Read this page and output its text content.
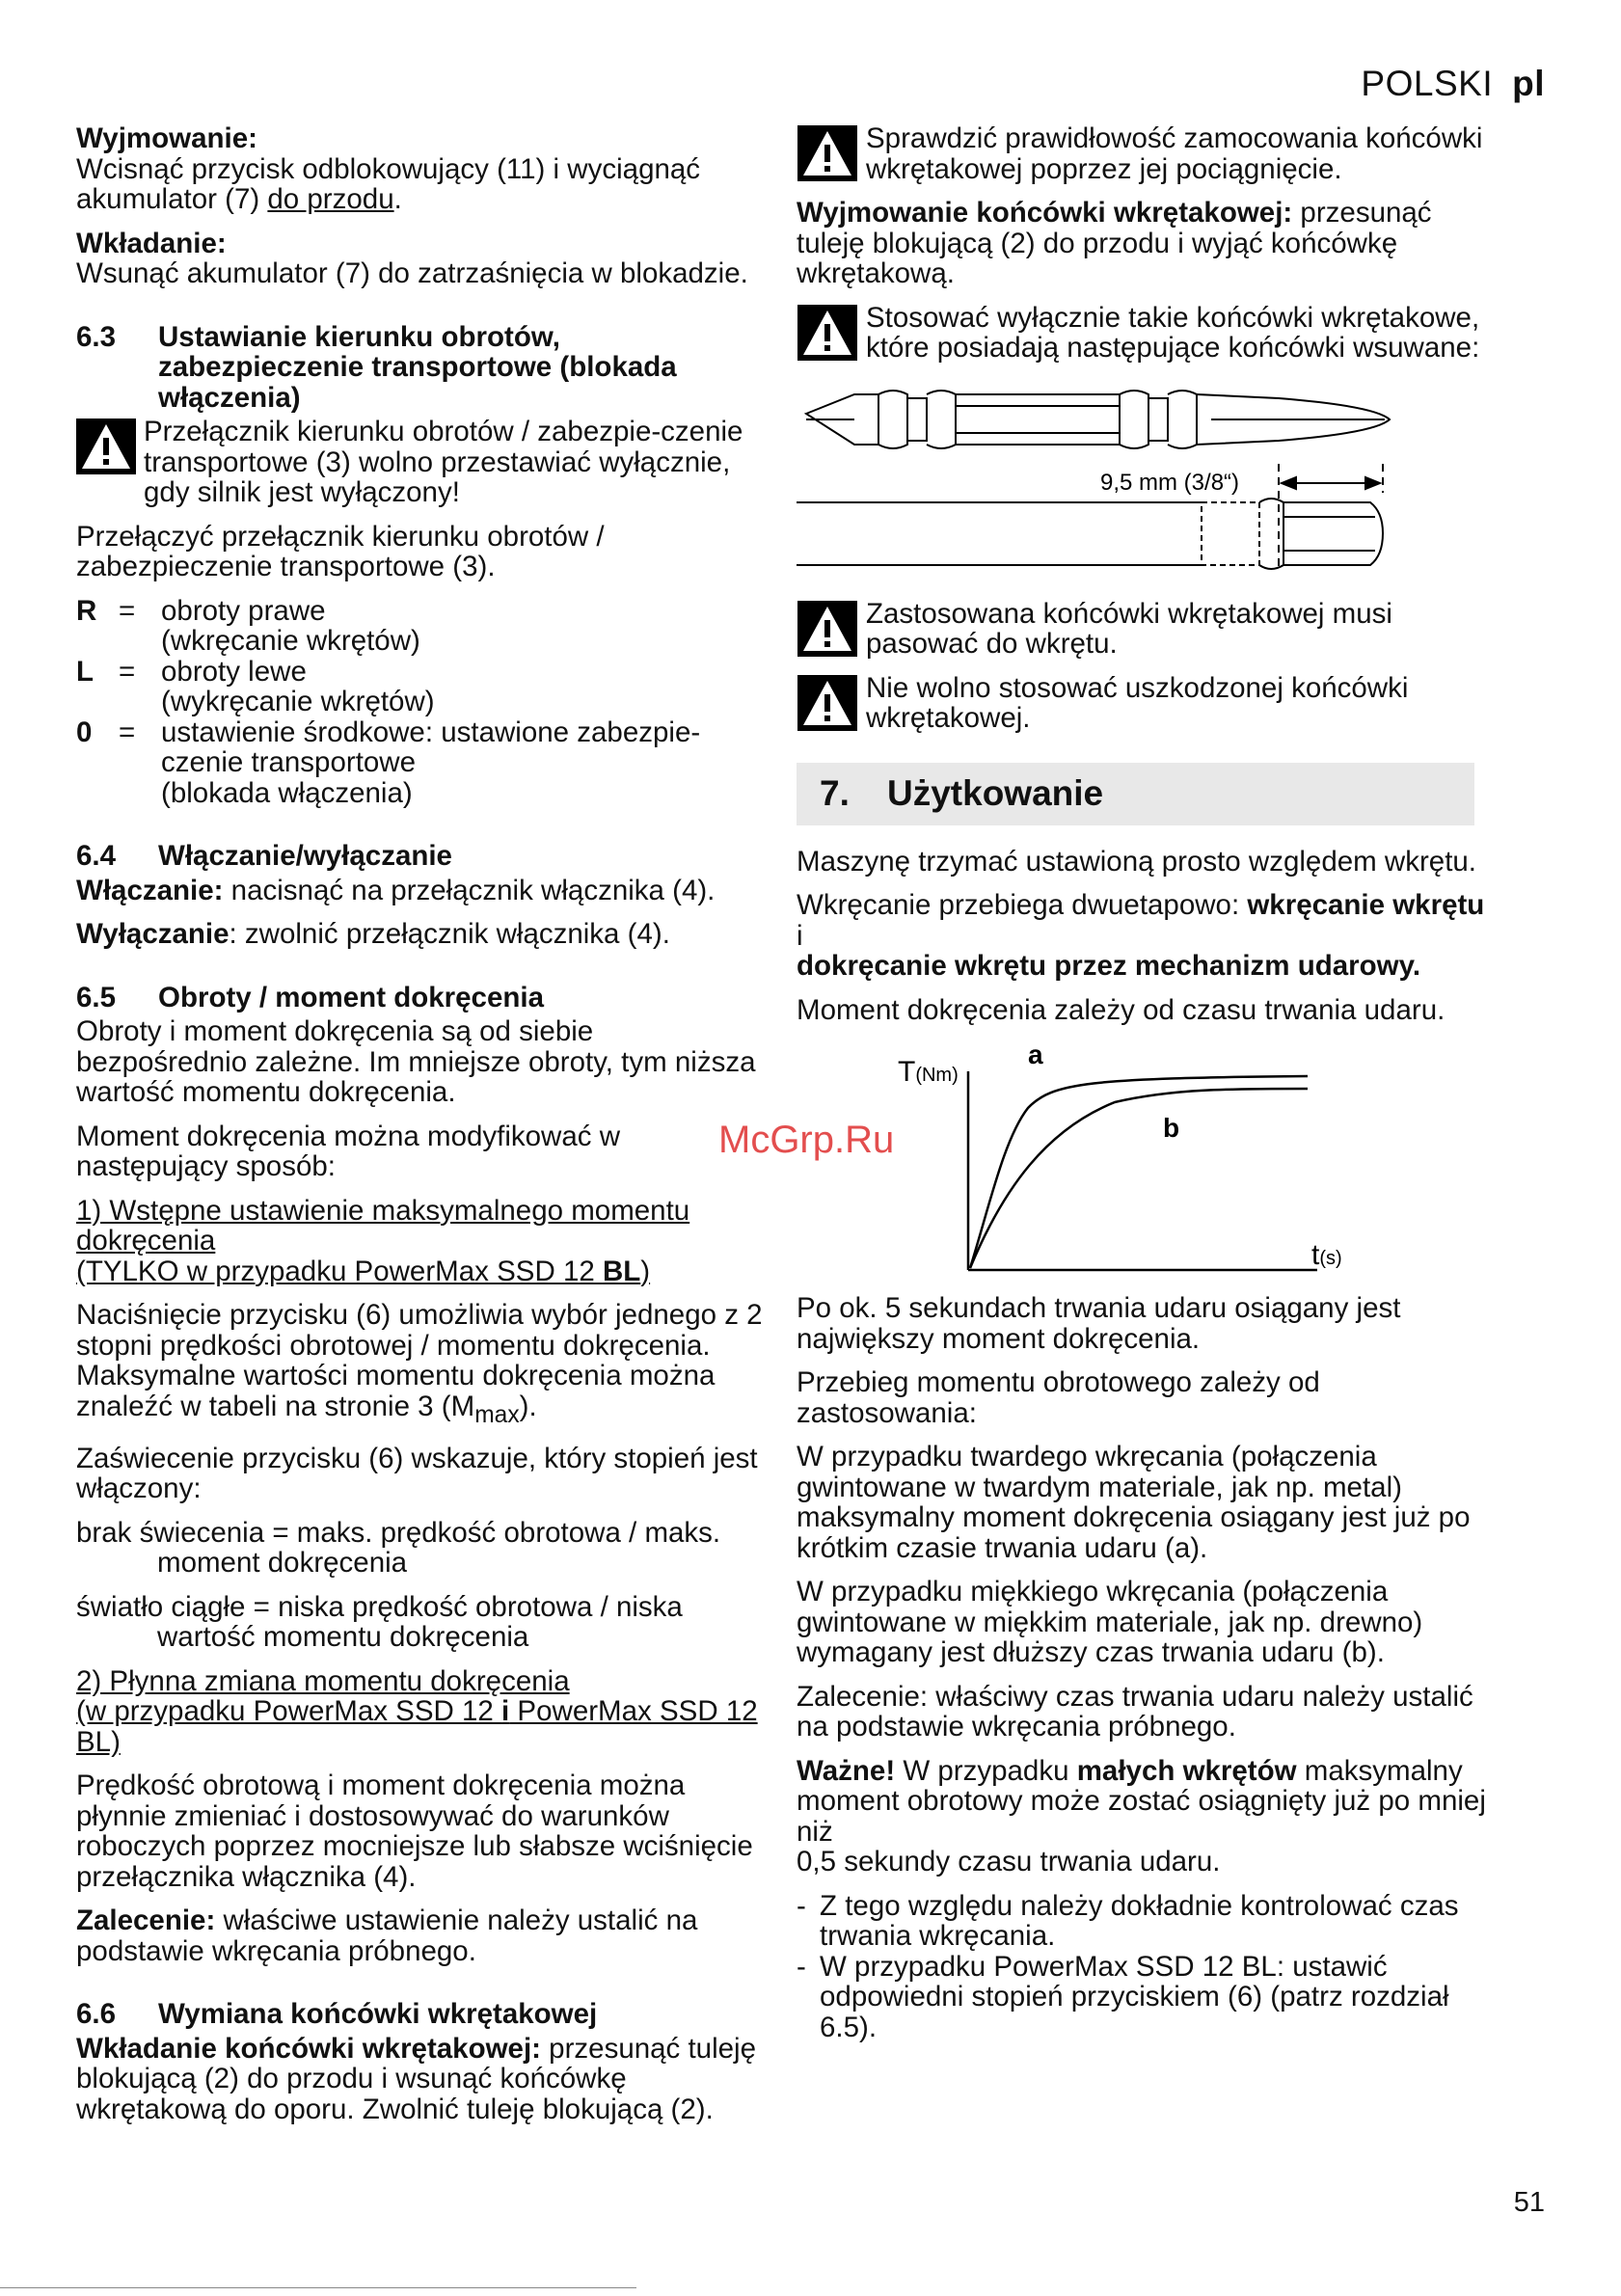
POLSKI pl
McGrp.Ru

Wyjmowanie:

Wcisnąć przycisk odblokowujący (11) i wyciągnąć akumulator (7) do przodu.

Wkładanie:

Wsunąć akumulator (7) do zatrzaśnięcia w blokadzie.

6.3	Ustawianie kierunku obrotów, zabezpieczenie transportowe (blokada włączenia)
Przełącznik kierunku obrotów / zabezpie-czenie transportowe (3) wolno przestawiać wyłącznie, gdy silnik jest wyłączony!

Przełączyć przełącznik kierunku obrotów / zabezpieczenie transportowe (3).

R = obroty prawe
(wkręcanie wkrętów)
L = obroty lewe
(wykręcanie wkrętów)
0 = ustawienie środkowe: ustawione zabezpie-czenie transportowe
(blokada włączenia)
6.4	Włączanie/wyłączanie

Włączanie: nacisnąć na przełącznik włącznika (4).

Wyłączanie: zwolnić przełącznik włącznika (4).

6.5	Obroty / moment dokręcenia

Obroty i moment dokręcenia są od siebie bezpośrednio zależne. Im mniejsze obroty, tym niższa wartość momentu dokręcenia.

Moment dokręcenia można modyfikować w następujący sposób:

1) Wstępne ustawienie maksymalnego momentu dokręcenia
(TYLKO w przypadku PowerMax SSD 12 BL)

Naciśnięcie przycisku (6) umożliwia wybór jednego z 2 stopni prędkości obrotowej / momentu dokręcenia. Maksymalne wartości momentu dokręcenia można znaleźć w tabeli na stronie 3 $(M_{max})$.

Zaświecenie przycisku (6) wskazuje, który stopień jest włączony:

brak świecenia = maks. prędkość obrotowa / maks. moment dokręcenia

światło ciągłe = niska prędkość obrotowa / niska wartość momentu dokręcenia

2) Płynna zmiana momentu dokręcenia
(w przypadku PowerMax SSD 12 i PowerMax SSD 12 BL)

Prędkość obrotową i moment dokręcenia można płynnie zmieniać i dostosowywać do warunków roboczych poprzez mocniejsze lub słabsze wciśnięcie przełącznika włącznika (4).

Zalecenie: właściwe ustawienie należy ustalić na podstawie wkręcania próbnego.

6.6	Wymiana końcówki wkrętakowej

Wkładanie końcówki wkrętakowej: przesunąć tuleję blokującą (2) do przodu i wsunąć końcówkę wkrętakową do oporu. Zwolnić tuleję blokującą (2).

Sprawdzić prawidłowość zamocowania końcówki wkrętakowej poprzez jej pociągnięcie.

Wyjmowanie końcówki wkrętakowej: przesunąć tuleję blokującą (2) do przodu i wyjąć końcówkę wkrętakową.

Stosować wyłącznie takie końcówki wkrętakowe, które posiadają następujące końcówki wsuwane:
9,5 mm (3/8“)
Zastosowana końcówki wkrętakowej musi pasować do wkrętu.
Nie wolno stosować uszkodzonej końcówki wkrętakowej.
7.	Użytkowanie

Maszynę trzymać ustawioną prosto względem wkrętu.

Wkręcanie przebiega dwuetapowo: wkręcanie wkrętu i

dokręcanie wkrętu przez mechanizm udarowy.

Moment dokręcenia zależy od czasu trwania udaru.

T(Nm)
a
b
t(s)

Po ok. 5 sekundach trwania udaru osiągany jest największy moment dokręcenia.

Przebieg momentu obrotowego zależy od zastosowania:

W przypadku twardego wkręcania (połączenia gwintowane w twardym materiale, jak np. metal) maksymalny moment dokręcenia osiągany jest już po krótkim czasie trwania udaru (a).

W przypadku miękkiego wkręcania (połączenia gwintowane w miękkim materiale, jak np. drewno) wymagany jest dłuższy czas trwania udaru (b).

Zalecenie: właściwy czas trwania udaru należy ustalić na podstawie wkręcania próbnego.

Ważne! W przypadku małych wkrętów maksymalny moment obrotowy może zostać osiągnięty już po mniej niż
0,5 sekundy czasu trwania udaru.

- Z tego względu należy dokładnie kontrolować czas trwania wkręcania.
- W przypadku PowerMax SSD 12 BL: ustawić odpowiedni stopień przyciskiem (6) (patrz rozdział 6.5).
51
